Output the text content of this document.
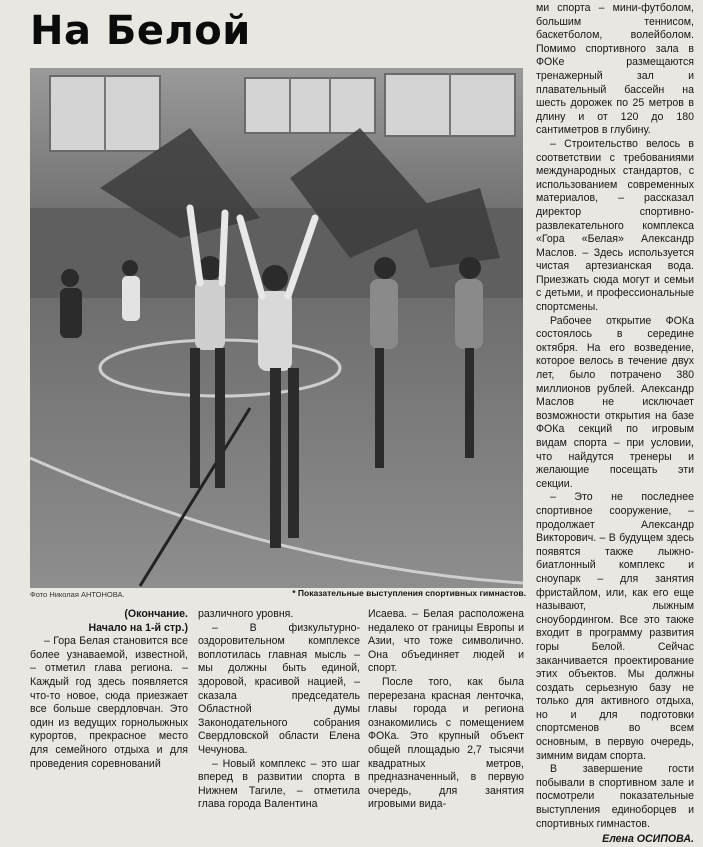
На Белой

Фото Николая АНТОНОВА.	* Показательные выступления спортивных гимнастов.

(Окончание.

Начало на 1-й стр.)

– Гора Белая становится все более узнаваемой, известной, – отметил глава региона. – Каждый год здесь появляется что-то новое, сюда приезжает все больше свердловчан. Это один из ведущих горнолыжных курортов, прекрасное место для семейного отдыха и для проведения соревнований

различного уровня.

– В физкультурно-оздоровительном комплексе воплотилась главная мысль – мы должны быть единой, здоровой, красивой нацией, – сказала председатель Областной думы Законодательного собрания Свердловской области Елена Чечунова.

– Новый комплекс – это шаг вперед в развитии спорта в Нижнем Тагиле, – отметила глава города Валентина

Исаева. – Белая расположена недалеко от границы Европы и Азии, что тоже символично. Она объединяет людей и спорт.

После того, как была перерезана красная ленточка, главы города и региона ознакомились с помещением ФОКа. Это крупный объект общей площадью 2,7 тысячи квадратных метров, предназначенный, в первую очередь, для занятия игровыми вида-

ми спорта – мини-футболом, большим теннисом, баскетболом, волейболом. Помимо спортивного зала в ФОКе размещаются тренажерный зал и плавательный бассейн на шесть дорожек по 25 метров в длину и от 120 до 180 сантиметров в глубину.

– Строительство велось в соответствии с требованиями международных стандартов, с использованием современных материалов, – рассказал директор спортивно-развлекательного комплекса «Гора «Белая» Александр Маслов. – Здесь используется чистая артезианская вода. Приезжать сюда могут и семьи с детьми, и профессиональные спортсмены.

Рабочее открытие ФОКа состоялось в середине октября. На его возведение, которое велось в течение двух лет, было потрачено 380 миллионов рублей. Александр Маслов не исключает возможности открытия на базе ФОКа секций по игровым видам спорта – при условии, что найдутся тренеры и желающие посещать эти секции.

– Это не последнее спортивное сооружение, – продолжает Александр Викторович. – В будущем здесь появятся также лыжно-биатлонный комплекс и сноупарк – для занятия фристайлом, или, как его еще называют, лыжным сноубордингом. Все это также входит в программу развития горы Белой. Сейчас заканчивается проектирование этих объектов. Мы должны создать серьезную базу не только для активного отдыха, но и для подготовки спортсменов во всем основным, в первую очередь, зимним видам спорта.

В завершение гости побывали в спортивном зале и посмотрели показательные выступления единоборцев и спортивных гимнастов.

Елена ОСИПОВА.
